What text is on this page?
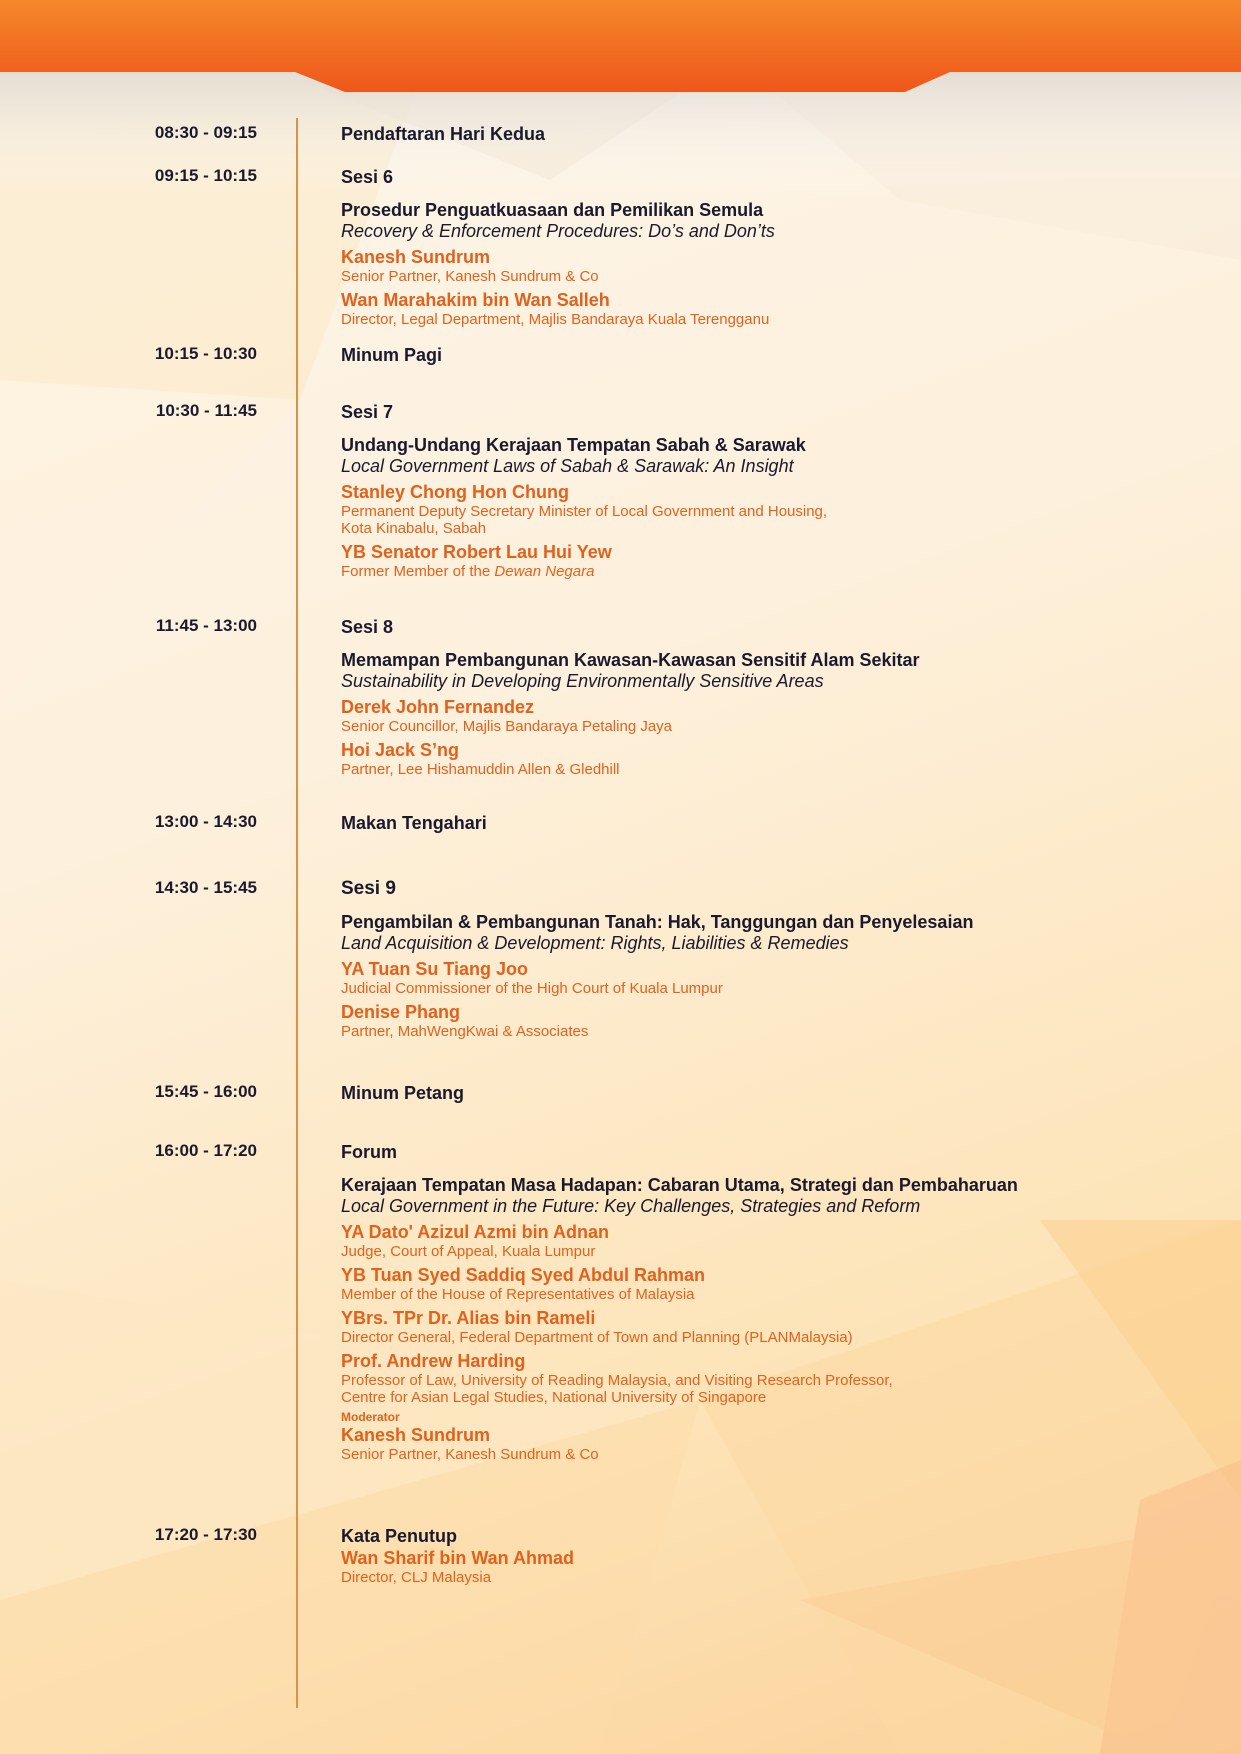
08:30 - 09:15	Pendaftaran Hari Kedua
09:15 - 10:15	Sesi 6
Prosedur Penguatkuasaan dan Pemilikan Semula
Recovery & Enforcement Procedures: Do’s and Don’ts
Kanesh Sundrum
Senior Partner, Kanesh Sundrum & Co
Wan Marahakim bin Wan Salleh
Director, Legal Department, Majlis Bandaraya Kuala Terengganu
10:15 - 10:30	Minum Pagi
10:30 - 11:45	Sesi 7
Undang-Undang Kerajaan Tempatan Sabah & Sarawak
Local Government Laws of Sabah & Sarawak: An Insight
Stanley Chong Hon Chung
Permanent Deputy Secretary Minister of Local Government and Housing,
Kota Kinabalu, Sabah
YB Senator Robert Lau Hui Yew
Former Member of the Dewan Negara
11:45 - 13:00	Sesi 8
Memampan Pembangunan Kawasan-Kawasan Sensitif Alam Sekitar
Sustainability in Developing Environmentally Sensitive Areas
Derek John Fernandez
Senior Councillor, Majlis Bandaraya Petaling Jaya
Hoi Jack S’ng
Partner, Lee Hishamuddin Allen & Gledhill
13:00 - 14:30	Makan Tengahari
14:30 - 15:45	Sesi 9
Pengambilan & Pembangunan Tanah: Hak, Tanggungan dan Penyelesaian
Land Acquisition & Development: Rights, Liabilities & Remedies
YA Tuan Su Tiang Joo
Judicial Commissioner of the High Court of Kuala Lumpur
Denise Phang
Partner, MahWengKwai & Associates
15:45 - 16:00	Minum Petang
16:00 - 17:20	Forum
Kerajaan Tempatan Masa Hadapan: Cabaran Utama, Strategi dan Pembaharuan
Local Government in the Future: Key Challenges, Strategies and Reform
YA Dato' Azizul Azmi bin Adnan
Judge, Court of Appeal, Kuala Lumpur
YB Tuan Syed Saddiq Syed Abdul Rahman
Member of the House of Representatives of Malaysia
YBrs. TPr Dr. Alias bin Rameli
Director General, Federal Department of Town and Planning (PLANMalaysia)
Prof. Andrew Harding
Professor of Law, University of Reading Malaysia, and Visiting Research Professor,
Centre for Asian Legal Studies, National University of Singapore
Moderator
Kanesh Sundrum
Senior Partner, Kanesh Sundrum & Co
17:20 - 17:30	Kata Penutup
Wan Sharif bin Wan Ahmad
Director, CLJ Malaysia
